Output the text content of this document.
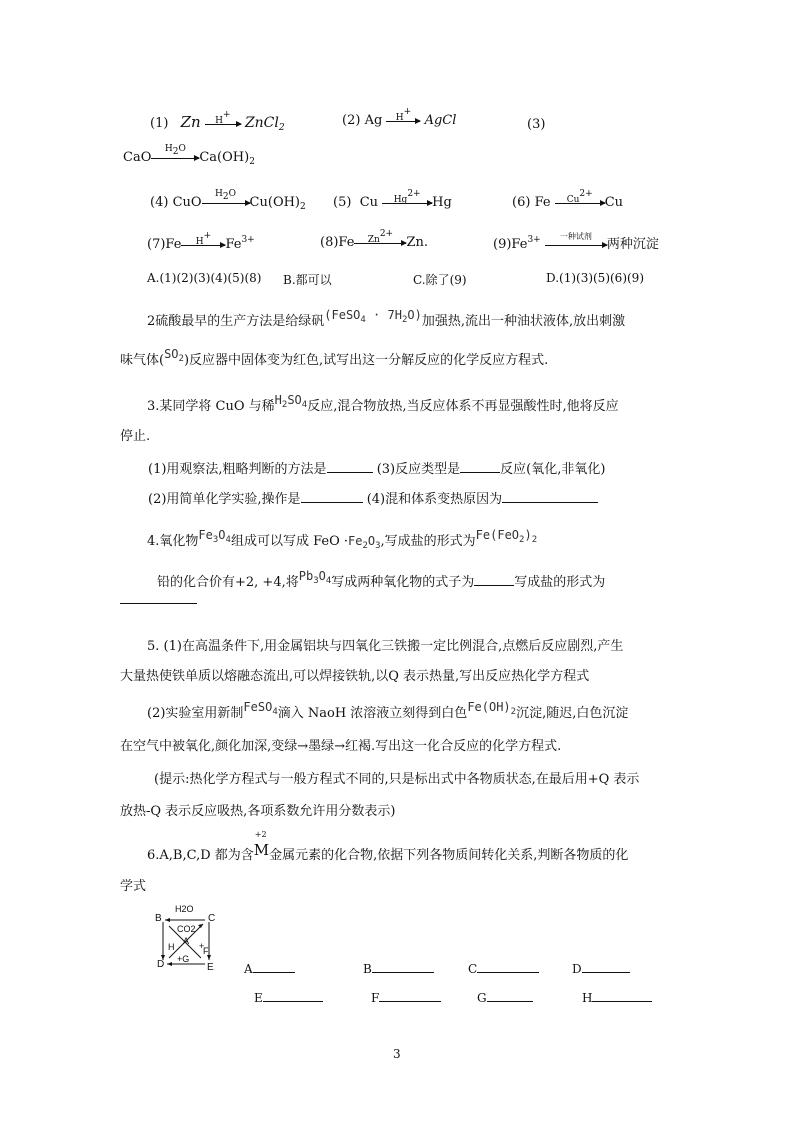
(1) Zn	H+
ZnCl$_2$	(2) Ag	H+
AgCl	(3)
CaO
$H_2O$
$Ca(OH)_2$
(4) CuO
$H_2O$
$Cu(OH)_2$ (5) Cu	$Hg^{2+}$
Hg	(6) Fe	$Cu^{2+}$
Cu
(7)Fe	H+
$Fe^{3+}$	(8)Fe	$Zn^{2+}$
Zn.	$(9)Fe^{3+}$	一种试剂
两种沉淀
A.(1)(2)(3)(4)(5)(8) B.都可以	C.除了(9)	D.(1)(3)(5)(6)(9)
2硫酸最早的生产方法是给绿矾(FeSO$_4$ · $7H_2O$)加强热,流出一种油状液体,放出刺激
味气体$(SO_2)$反应器中固体变为红色,试写出这一分解反应的化学反应方程式.
3.某同学将 CuO 与稀$H_2SO_4$反应,混合物放热,当反应体系不再显强酸性时,他将反应
停止.
(1)用观察法,粗略判断的方法是	(3)反应类型是	反应(氧化,非氧化)
(2)用简单化学实验,操作是	(4)混和体系变热原因为
4.氧化物$Fe_3O_4$组成可以写成 FeO $\cdot Fe_2O_3$,写成盐的形式为$Fe(FeO_2)_2$
铅的化合价有+2, +4,将$Pb_3O_4$写成两种氧化物的式子为	写成盐的形式为
5. (1)在高温条件下,用金属铝块与四氧化三铁搬一定比例混合,点燃后反应剧烈,产生
大量热使铁单质以熔融态流出,可以焊接铁轨,以Q 表示热量,写出反应热化学方程式
(2)实验室用新制FeSO$_4$滴入 NaoH 浓溶液立刻得到白色$Fe(OH)_2$沉淀,随迟,白色沉淀
在空气中被氧化,颜化加深,变绿→墨绿→红褐.写出这一化合反应的化学方程式.
(提示:热化学方程式与一般方程式不同的,只是标出式中各物质状态,在最后用+Q 表示
放热-Q 表示反应吸热,各项系数允许用分数表示)
6.A,B,C,D 都为含
+2
M金属元素的化合物,依据下列各物质间转化关系,判断各物质的化
学式
B	C
D	E
H2O
CO2
A
H	+
F
+G
A	B	C	D
E	F	G	H
3
